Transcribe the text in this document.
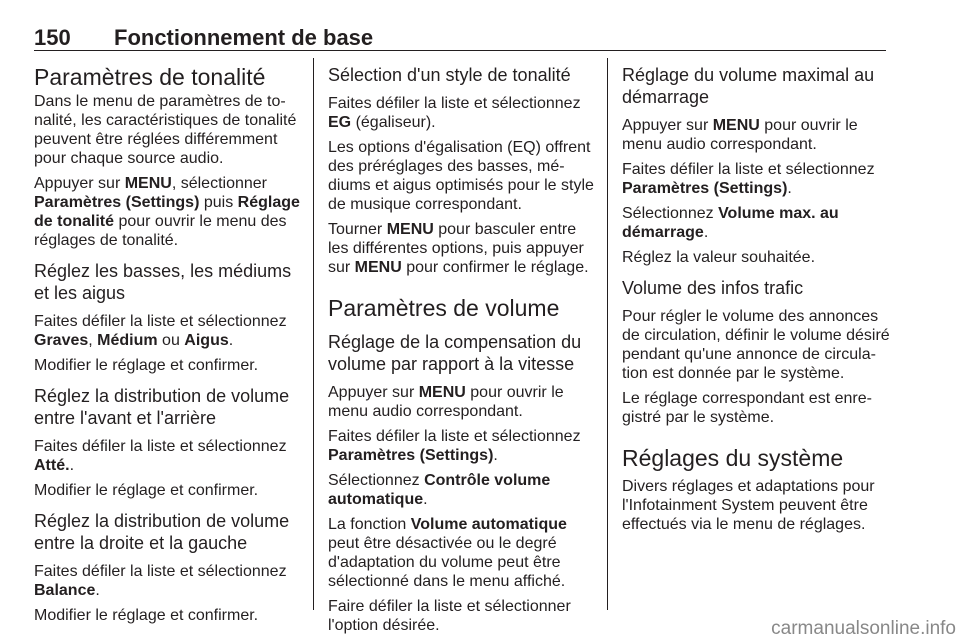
150 Fonctionnement de base
Paramètres de tonalité

Dans le menu de paramètres de tonalité, les caractéristiques de tonalité peuvent être réglées différemment pour chaque source audio.

Appuyer sur MENU, sélectionner Paramètres (Settings) puis Réglage de tonalité pour ouvrir le menu des réglages de tonalité.

Réglez les basses, les médiums et les aigus

Faites défiler la liste et sélectionnez Graves, Médium ou Aigus.

Modifier le réglage et confirmer.

Réglez la distribution de volume entre l'avant et l'arrière

Faites défiler la liste et sélectionnez Atté..

Modifier le réglage et confirmer.

Réglez la distribution de volume entre la droite et la gauche

Faites défiler la liste et sélectionnez Balance.

Modifier le réglage et confirmer.

Sélection d'un style de tonalité

Faites défiler la liste et sélectionnez EG (égaliseur).

Les options d'égalisation (EQ) offrent des préréglages des basses, médiums et aigus optimisés pour le style de musique correspondant.

Tourner MENU pour basculer entre les différentes options, puis appuyer sur MENU pour confirmer le réglage.

Paramètres de volume
Réglage de la compensation du volume par rapport à la vitesse

Appuyer sur MENU pour ouvrir le menu audio correspondant.

Faites défiler la liste et sélectionnez Paramètres (Settings).

Sélectionnez Contrôle volume automatique.

La fonction Volume automatique peut être désactivée ou le degré d'adaptation du volume peut être sélectionné dans le menu affiché.

Faire défiler la liste et sélectionner l'option désirée.

Réglage du volume maximal au démarrage

Appuyer sur MENU pour ouvrir le menu audio correspondant.

Faites défiler la liste et sélectionnez Paramètres (Settings).

Sélectionnez Volume max. au démarrage.

Réglez la valeur souhaitée.

Volume des infos trafic

Pour régler le volume des annonces de circulation, définir le volume désiré pendant qu'une annonce de circulation est donnée par le système.

Le réglage correspondant est enregistré par le système.

Réglages du système

Divers réglages et adaptations pour l'Infotainment System peuvent être effectués via le menu de réglages.

carmanualsonline.info
